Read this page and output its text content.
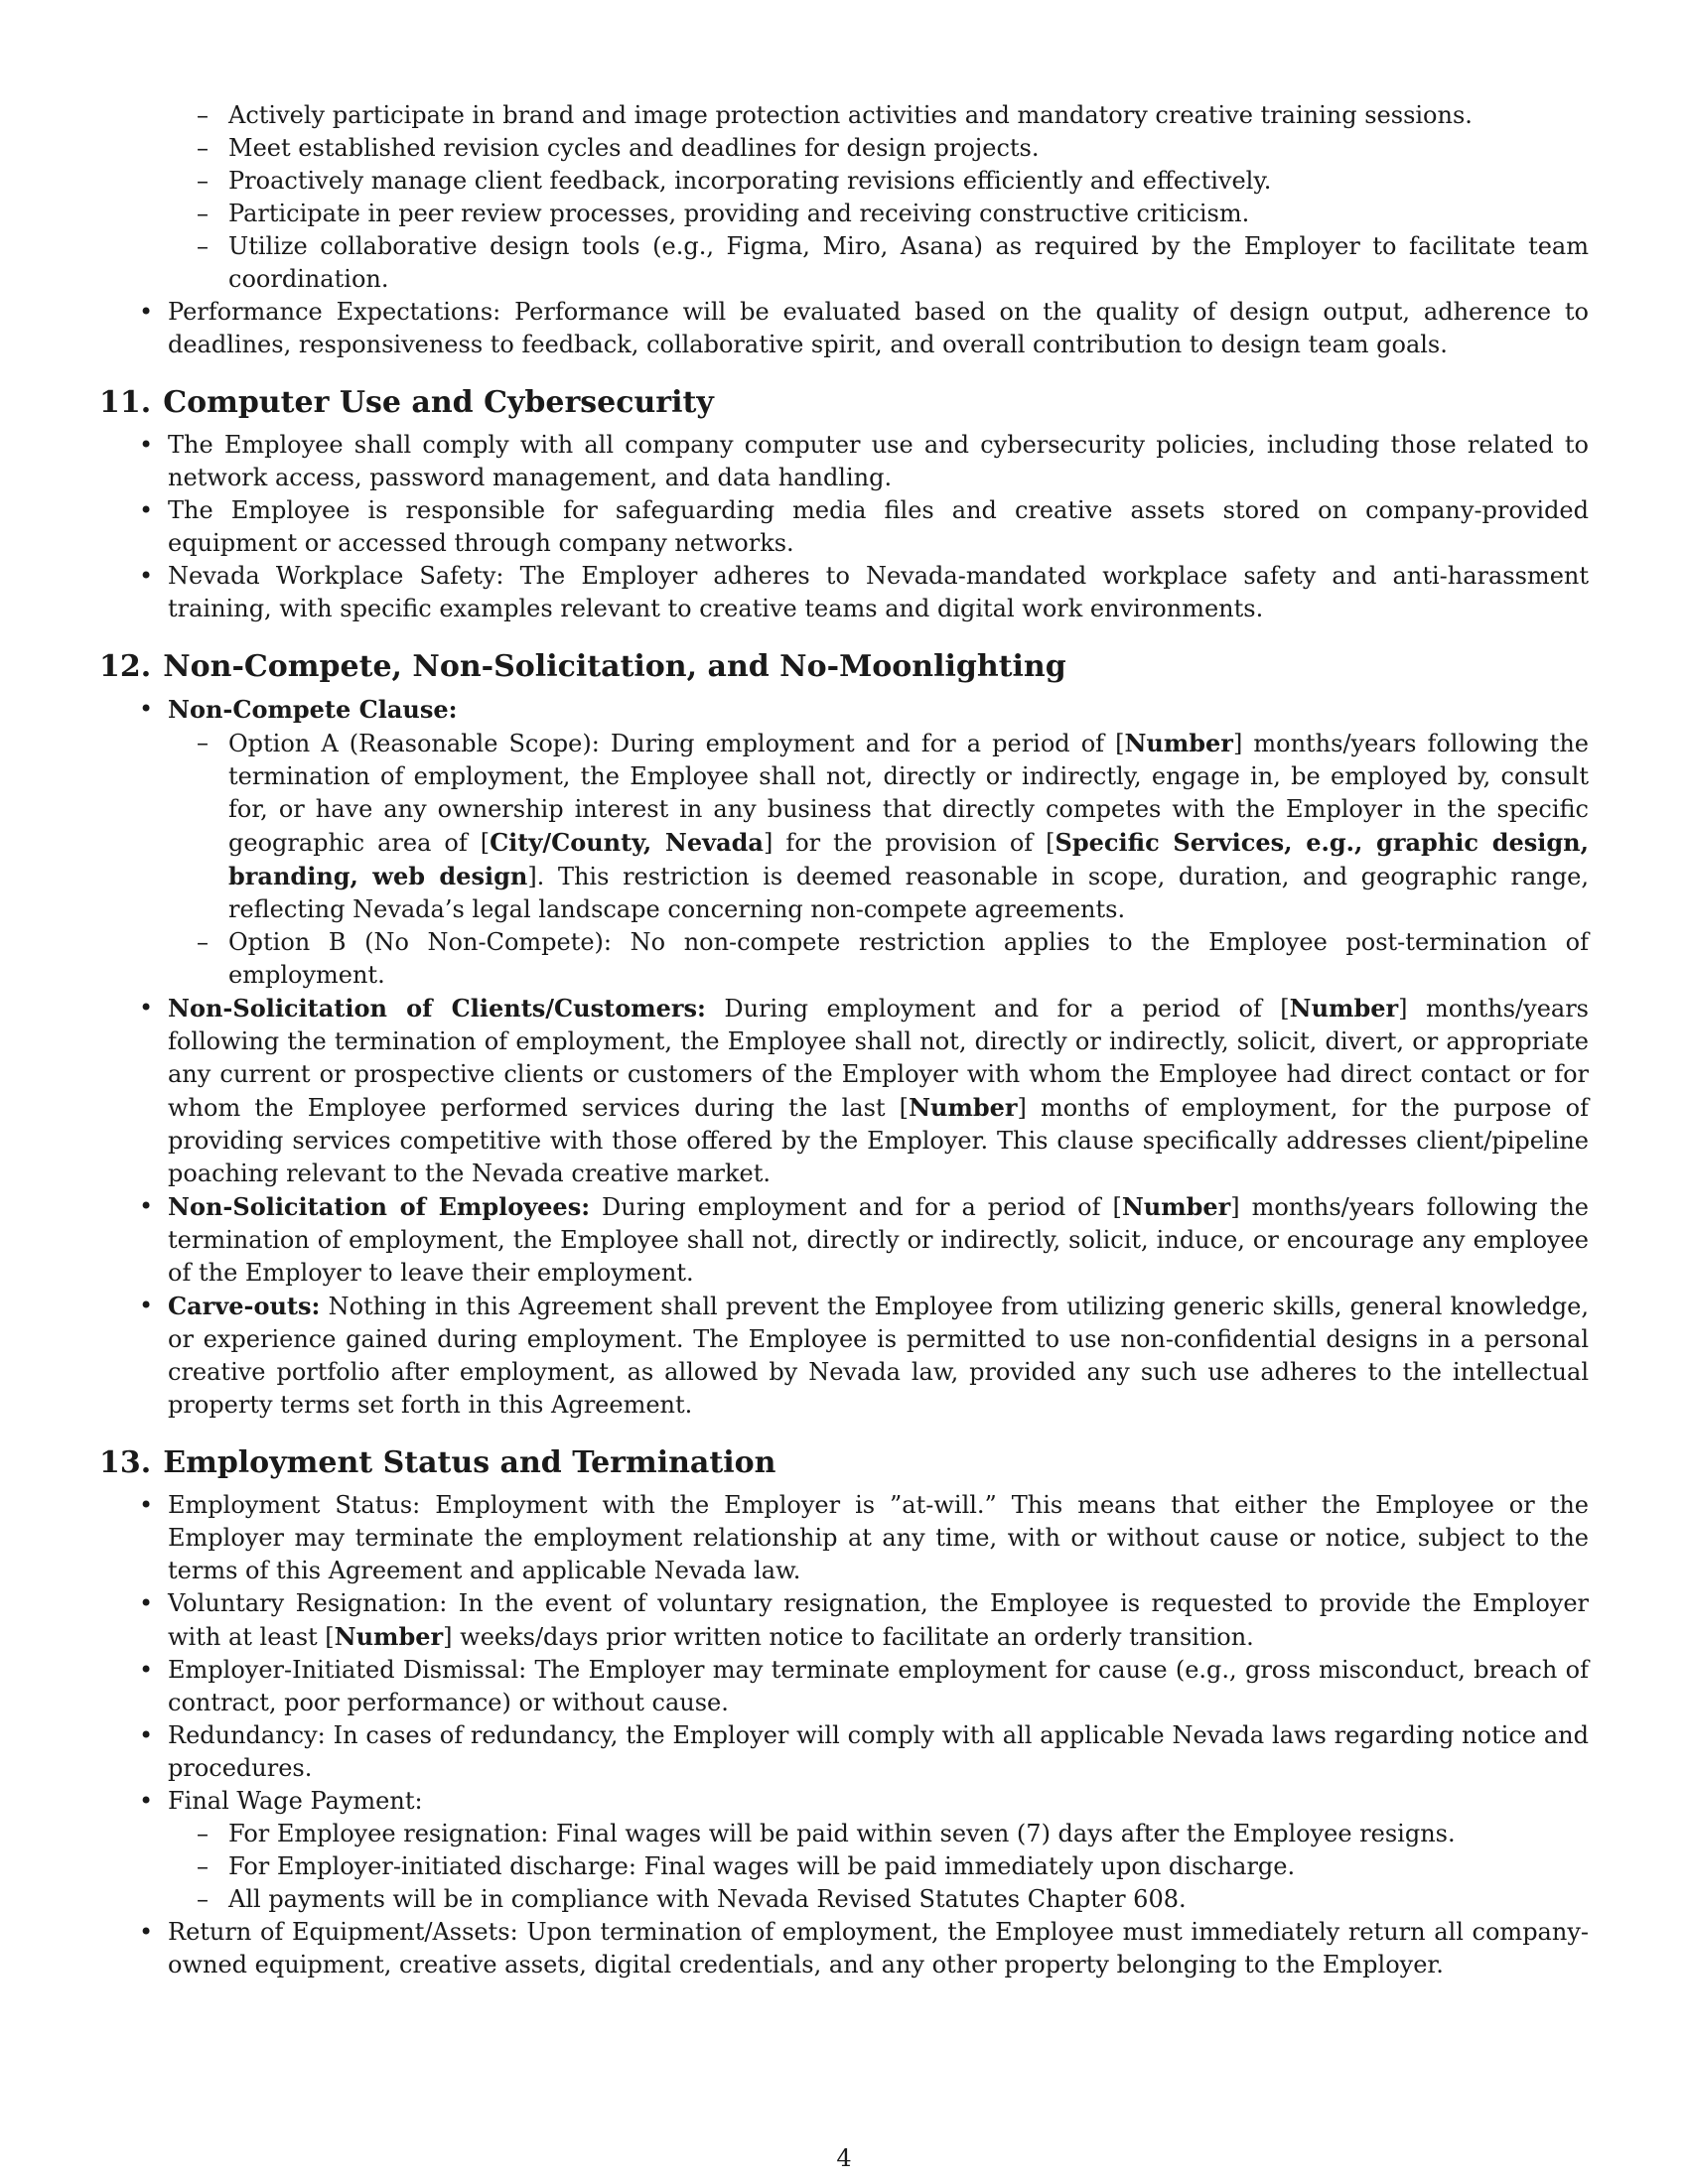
– Actively participate in brand and image protection activities and mandatory creative training sessions.
– Meet established revision cycles and deadlines for design projects.
– Proactively manage client feedback, incorporating revisions efficiently and effectively.
– Participate in peer review processes, providing and receiving constructive criticism.
– Utilize collaborative design tools (e.g., Figma, Miro, Asana) as required by the Employer to facilitate team coordination.
• Performance Expectations: Performance will be evaluated based on the quality of design output, adherence to deadlines, responsiveness to feedback, collaborative spirit, and overall contribution to design team goals.
11. Computer Use and Cybersecurity
• The Employee shall comply with all company computer use and cybersecurity policies, including those related to network access, password management, and data handling.
• The Employee is responsible for safeguarding media files and creative assets stored on company-provided equipment or accessed through company networks.
• Nevada Workplace Safety: The Employer adheres to Nevada-mandated workplace safety and anti-harassment training, with specific examples relevant to creative teams and digital work environments.
12. Non-Compete, Non-Solicitation, and No-Moonlighting
• Non-Compete Clause:
– Option A (Reasonable Scope): During employment and for a period of [Number] months/years following the termination of employment, the Employee shall not, directly or indirectly, engage in, be employed by, consult for, or have any ownership interest in any business that directly competes with the Employer in the specific geographic area of [City/County, Nevada] for the provision of [Specific Services, e.g., graphic design, branding, web design]. This restriction is deemed reasonable in scope, duration, and geographic range, reflecting Nevada’s legal landscape concerning non-compete agreements.
– Option B (No Non-Compete): No non-compete restriction applies to the Employee post-termination of employment.
• Non-Solicitation of Clients/Customers: During employment and for a period of [Number] months/years following the termination of employment, the Employee shall not, directly or indirectly, solicit, divert, or appropriate any current or prospective clients or customers of the Employer with whom the Employee had direct contact or for whom the Employee performed services during the last [Number] months of employment, for the purpose of providing services competitive with those offered by the Employer. This clause specifically addresses client/pipeline poaching relevant to the Nevada creative market.
• Non-Solicitation of Employees: During employment and for a period of [Number] months/years following the termination of employment, the Employee shall not, directly or indirectly, solicit, induce, or encourage any employee of the Employer to leave their employment.
• Carve-outs: Nothing in this Agreement shall prevent the Employee from utilizing generic skills, general knowledge, or experience gained during employment. The Employee is permitted to use non-confidential designs in a personal creative portfolio after employment, as allowed by Nevada law, provided any such use adheres to the intellectual property terms set forth in this Agreement.
13. Employment Status and Termination
• Employment Status: Employment with the Employer is ”at-will.” This means that either the Employee or the Employer may terminate the employment relationship at any time, with or without cause or notice, subject to the terms of this Agreement and applicable Nevada law.
• Voluntary Resignation: In the event of voluntary resignation, the Employee is requested to provide the Employer with at least [Number] weeks/days prior written notice to facilitate an orderly transition.
• Employer-Initiated Dismissal: The Employer may terminate employment for cause (e.g., gross misconduct, breach of contract, poor performance) or without cause.
• Redundancy: In cases of redundancy, the Employer will comply with all applicable Nevada laws regarding notice and procedures.
• Final Wage Payment:
– For Employee resignation: Final wages will be paid within seven (7) days after the Employee resigns.
– For Employer-initiated discharge: Final wages will be paid immediately upon discharge.
– All payments will be in compliance with Nevada Revised Statutes Chapter 608.
• Return of Equipment/Assets: Upon termination of employment, the Employee must immediately return all company-owned equipment, creative assets, digital credentials, and any other property belonging to the Employer.
4
